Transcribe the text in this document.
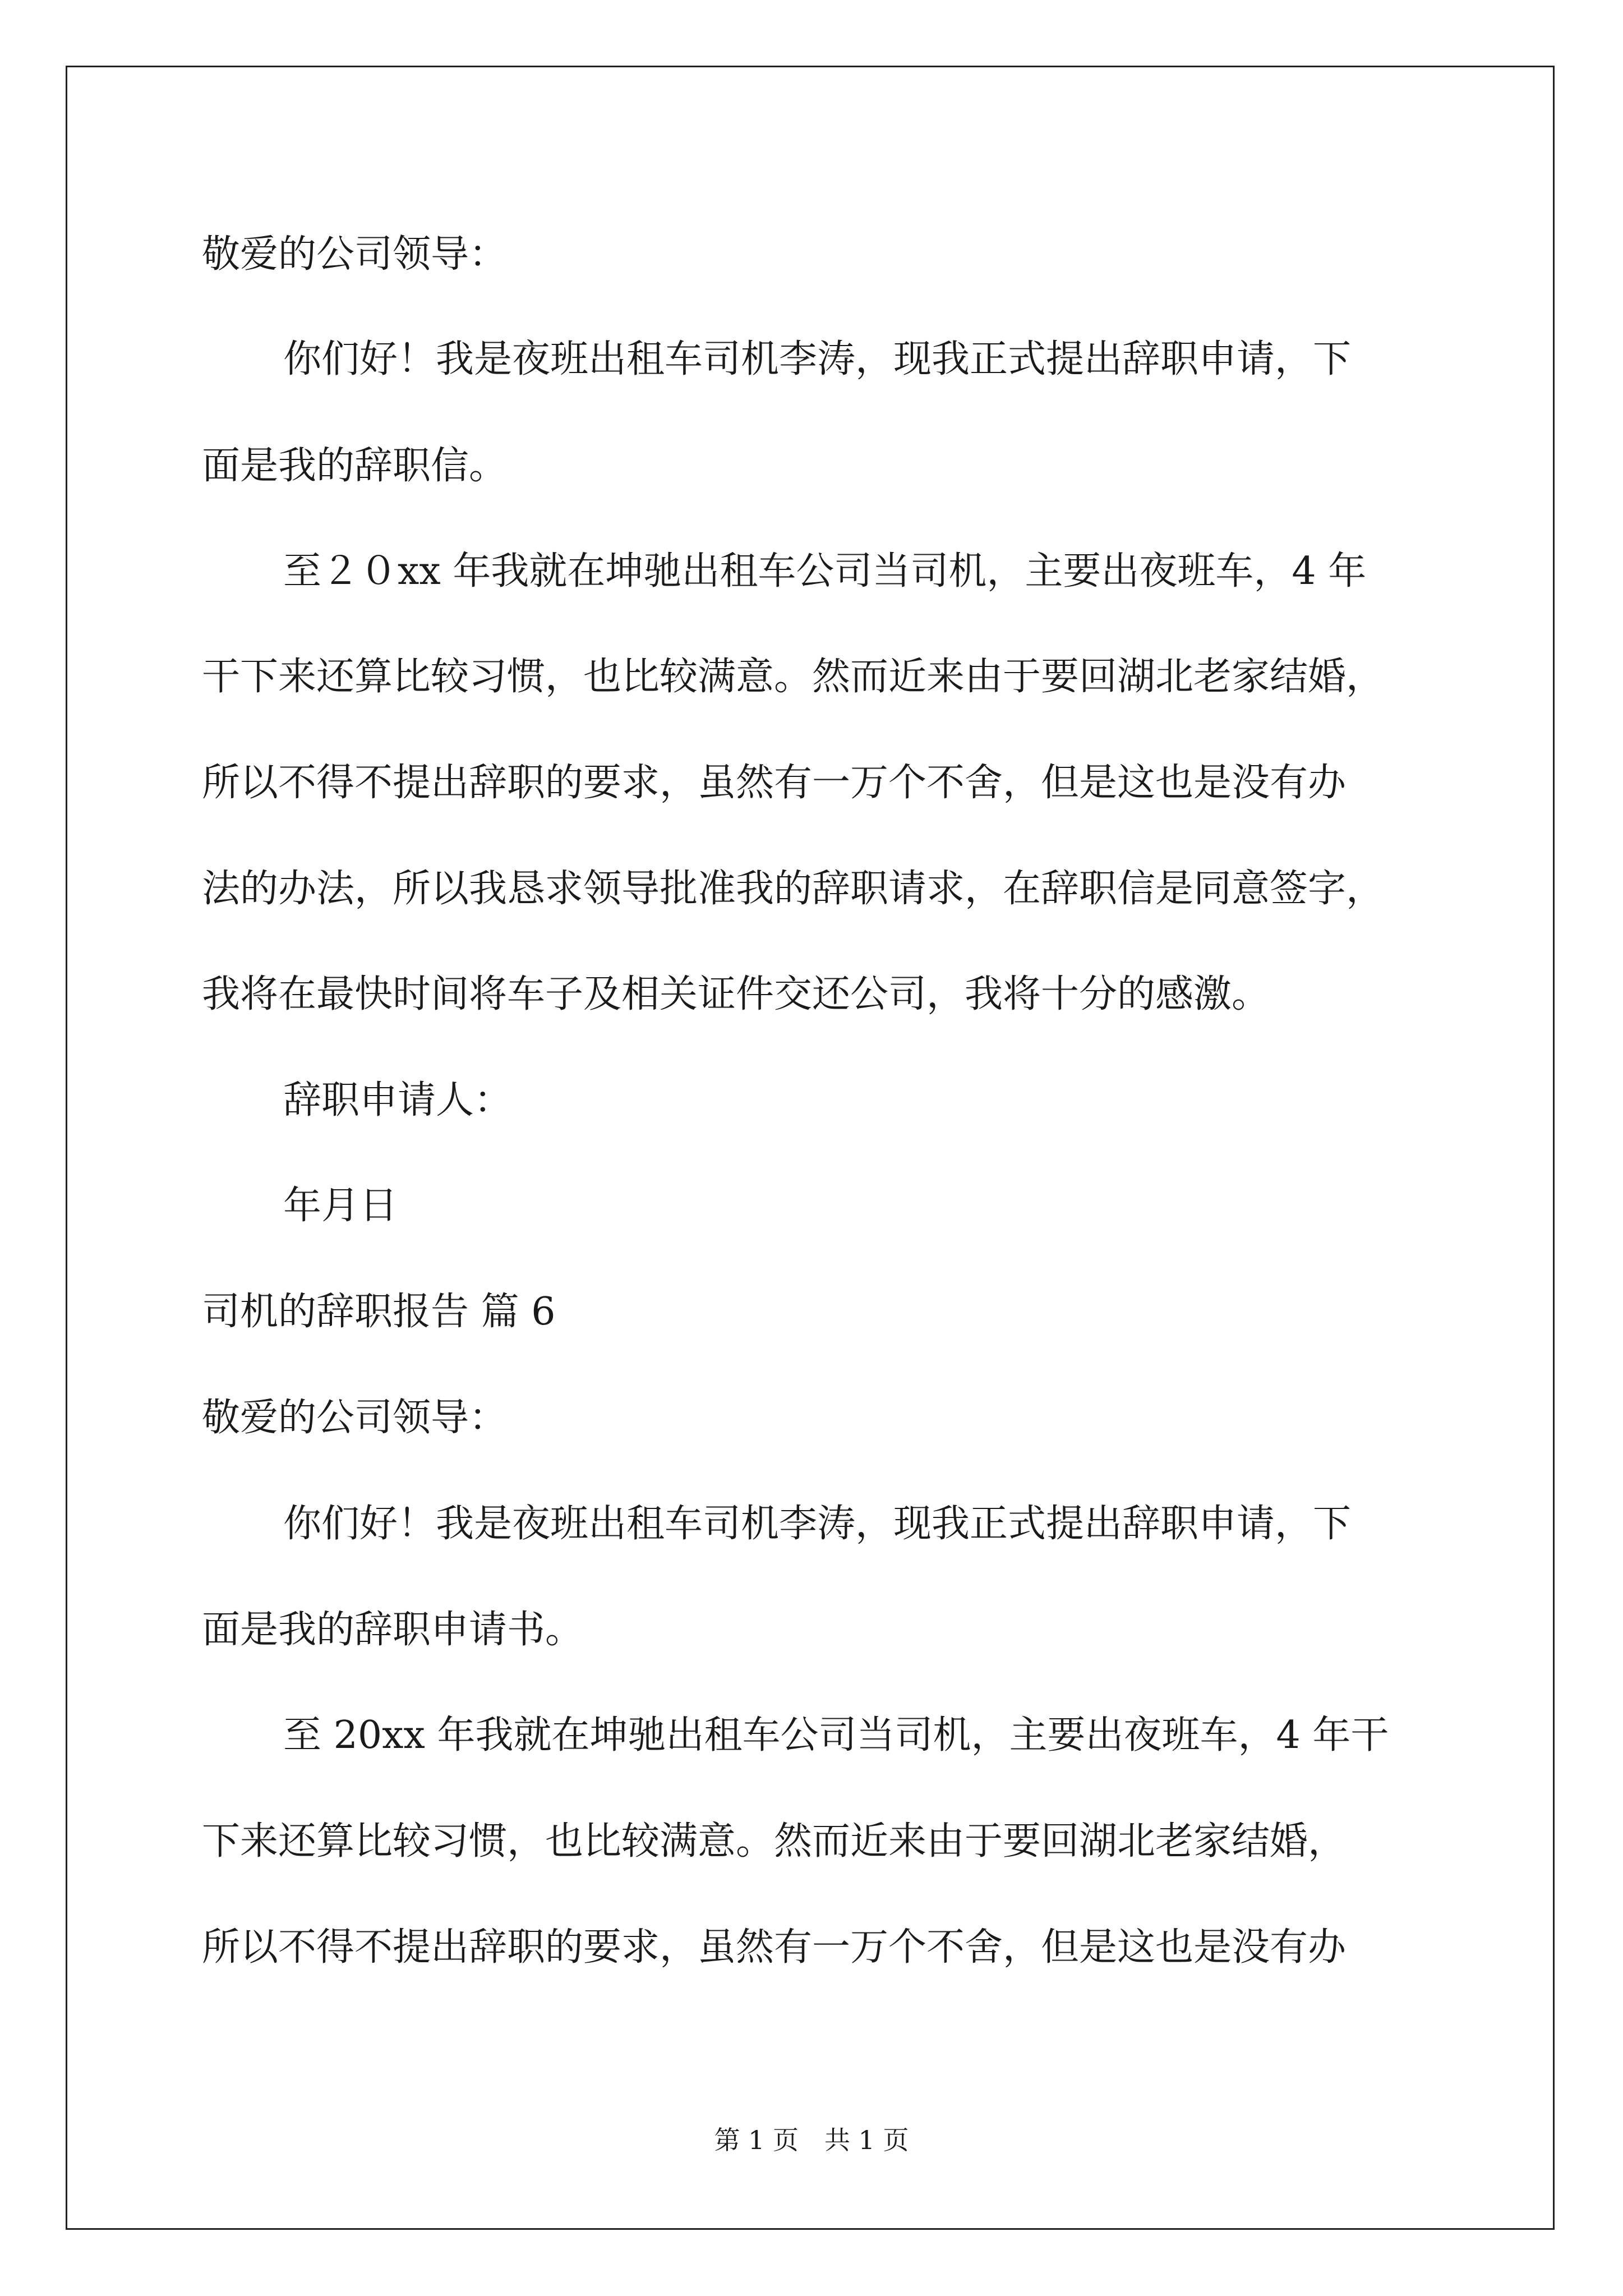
敬爱的公司领导：

你们好！我是夜班出租车司机李涛，现我正式提出辞职申请，下

面是我的辞职信。

至２０xx 年我就在坤驰出租车公司当司机，主要出夜班车，4 年

干下来还算比较习惯，也比较满意。然而近来由于要回湖北老家结婚，

所以不得不提出辞职的要求，虽然有一万个不舍，但是这也是没有办

法的办法，所以我恳求领导批准我的辞职请求，在辞职信是同意签字，

我将在最快时间将车子及相关证件交还公司，我将十分的感激。

辞职申请人：

年月日

司机的辞职报告 篇 6

敬爱的公司领导：

你们好！我是夜班出租车司机李涛，现我正式提出辞职申请，下

面是我的辞职申请书。

至 20xx 年我就在坤驰出租车公司当司机，主要出夜班车，4 年干

下来还算比较习惯，也比较满意。然而近来由于要回湖北老家结婚，

所以不得不提出辞职的要求，虽然有一万个不舍，但是这也是没有办

第 1 页　共 1 页
